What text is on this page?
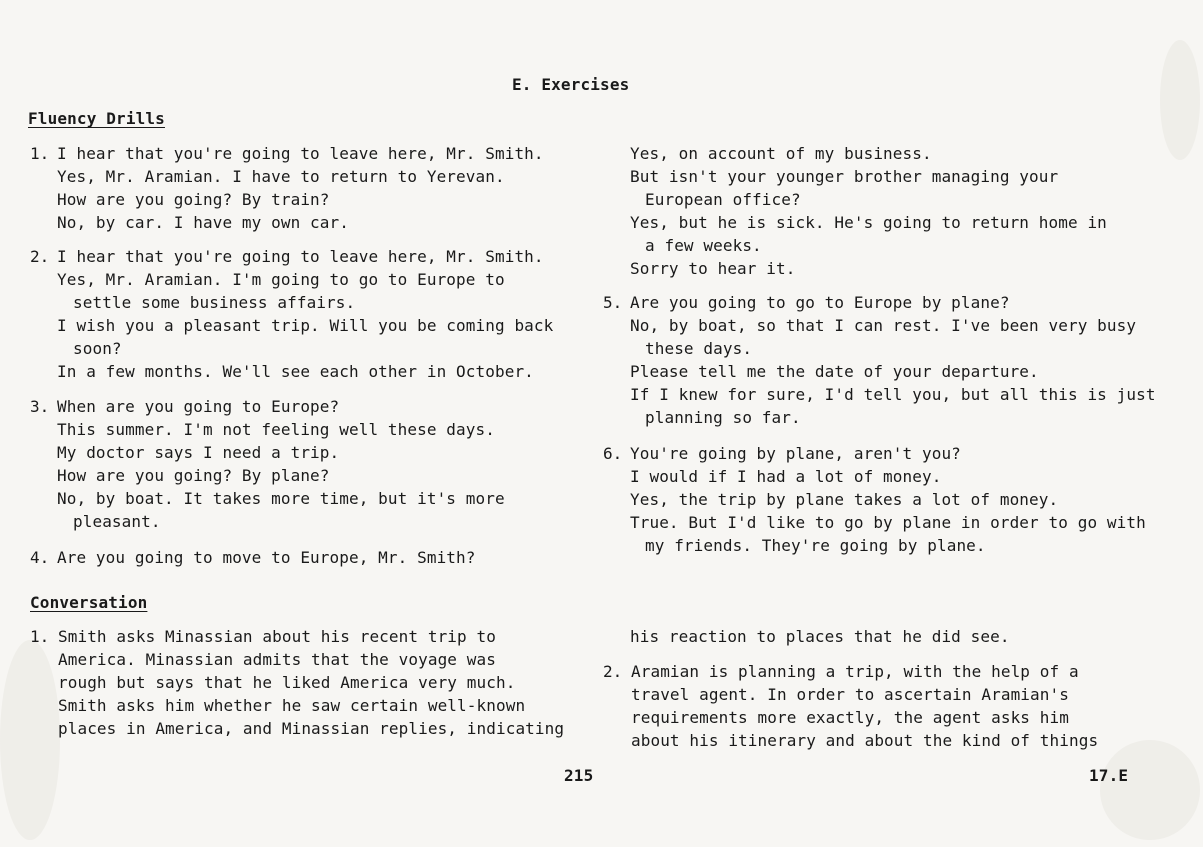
E. Exercises
Fluency Drills
1. I hear that you're going to leave here, Mr. Smith.
Yes, Mr. Aramian. I have to return to Yerevan.
How are you going? By train?
No, by car. I have my own car.
2. I hear that you're going to leave here, Mr. Smith.
Yes, Mr. Aramian. I'm going to go to Europe to
settle some business affairs.
I wish you a pleasant trip. Will you be coming back
soon?
In a few months. We'll see each other in October.
3. When are you going to Europe?
This summer. I'm not feeling well these days.
My doctor says I need a trip.
How are you going? By plane?
No, by boat. It takes more time, but it's more
pleasant.
4. Are you going to move to Europe, Mr. Smith?
Yes, on account of my business.
But isn't your younger brother managing your
European office?
Yes, but he is sick. He's going to return home in
a few weeks.
Sorry to hear it.
5. Are you going to go to Europe by plane?
No, by boat, so that I can rest. I've been very busy
these days.
Please tell me the date of your departure.
If I knew for sure, I'd tell you, but all this is just
planning so far.
6. You're going by plane, aren't you?
I would if I had a lot of money.
Yes, the trip by plane takes a lot of money.
True. But I'd like to go by plane in order to go with
my friends. They're going by plane.
Conversation
1. Smith asks Minassian about his recent trip to
America. Minassian admits that the voyage was
rough but says that he liked America very much.
Smith asks him whether he saw certain well-known
places in America, and Minassian replies, indicating
his reaction to places that he did see.
2. Aramian is planning a trip, with the help of a
travel agent. In order to ascertain Aramian's
requirements more exactly, the agent asks him
about his itinerary and about the kind of things
215	17.E
